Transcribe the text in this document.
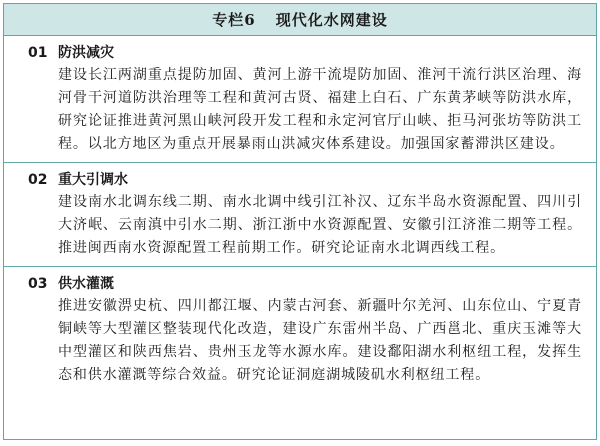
专栏6 现代化水网建设
01 防洪减灾
建设长江两湖重点提防加固、黄河上游干流堤防加固、淮河干流行洪区治理、海河骨干河道防洪治理等工程和黄河古贤、福建上白石、广东黄茅峡等防洪水库，研究论证推进黄河黑山峡河段开发工程和永定河官厅山峡、拒马河张坊等防洪工程。以北方地区为重点开展暴雨山洪减灾体系建设。加强国家蓄滞洪区建设。
02 重大引调水
建设南水北调东线二期、南水北调中线引江补汉、辽东半岛水资源配置、四川引大济岷、云南滇中引水二期、浙江浙中水资源配置、安徽引江济淮二期等工程。推进闽西南水资源配置工程前期工作。研究论证南水北调西线工程。
03 供水灌溉
推进安徽淠史杭、四川都江堰、内蒙古河套、新疆叶尔羌河、山东位山、宁夏青铜峡等大型灌区整装现代化改造，建设广东雷州半岛、广西邕北、重庆玉滩等大中型灌区和陕西焦岩、贵州玉龙等水源水库。建设鄱阳湖水利枢纽工程，发挥生态和供水灌溉等综合效益。研究论证洞庭湖城陵矶水利枢纽工程。
